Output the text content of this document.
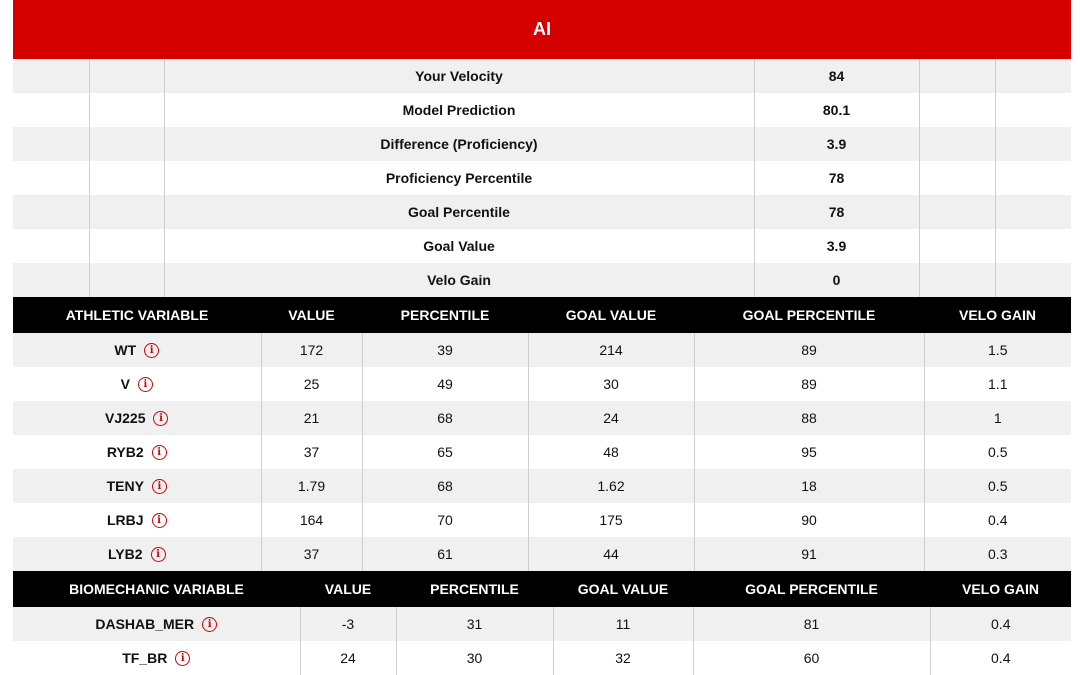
AI
		Your Velocity	84		
		Model Prediction	80.1		
		Difference (Proficiency)	3.9		
		Proficiency Percentile	78		
		Goal Percentile	78		
		Goal Value	3.9		
		Velo Gain	0		
ATHLETIC VARIABLE	VALUE	PERCENTILE	GOAL VALUE	GOAL PERCENTILE	VELO GAIN

WT i	172	39	214	89	1.5

V i	25	49	30	89	1.1

VJ225 i	21	68	24	88	1

RYB2 i	37	65	48	95	0.5

TENY i	1.79	68	1.62	18	0.5

LRBJ i	164	70	175	90	0.4

LYB2 i	37	61	44	91	0.3
BIOMECHANIC VARIABLE	VALUE	PERCENTILE	GOAL VALUE	GOAL PERCENTILE	VELO GAIN

DASHAB_MER i	-3	31	11	81	0.4

TF_BR i	24	30	32	60	0.4
